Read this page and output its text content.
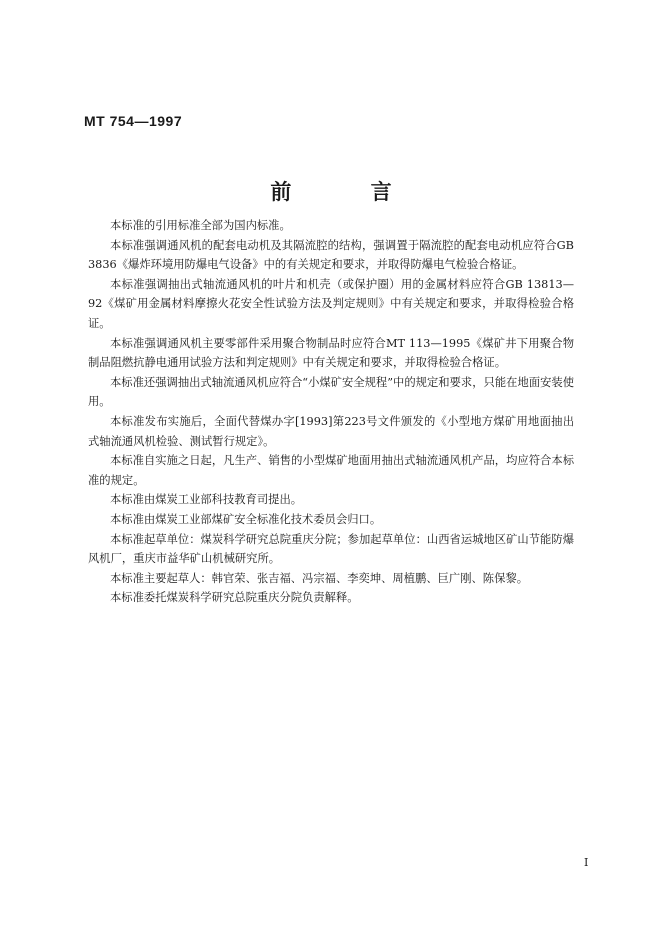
MT 754—1997
前 言

本标准的引用标准全部为国内标准。

本标准强调通风机的配套电动机及其隔流腔的结构，强调置于隔流腔的配套电动机应符合GB 3836《爆炸环境用防爆电气设备》中的有关规定和要求，并取得防爆电气检验合格证。

本标准强调抽出式轴流通风机的叶片和机壳（或保护圈）用的金属材料应符合GB 13813—92《煤矿用金属材料摩擦火花安全性试验方法及判定规则》中有关规定和要求，并取得检验合格证。

本标准强调通风机主要零部件采用聚合物制品时应符合MT 113—1995《煤矿井下用聚合物制品阻燃抗静电通用试验方法和判定规则》中有关规定和要求，并取得检验合格证。

本标准还强调抽出式轴流通风机应符合“小煤矿安全规程”中的规定和要求，只能在地面安装使用。

本标准发布实施后，全面代替煤办字[1993]第223号文件颁发的《小型地方煤矿用地面抽出式轴流通风机检验、测试暂行规定》。

本标准自实施之日起，凡生产、销售的小型煤矿地面用抽出式轴流通风机产品，均应符合本标准的规定。

本标准由煤炭工业部科技教育司提出。

本标准由煤炭工业部煤矿安全标准化技术委员会归口。

本标准起草单位：煤炭科学研究总院重庆分院；参加起草单位：山西省运城地区矿山节能防爆风机厂，重庆市益华矿山机械研究所。

本标准主要起草人：韩官荣、张吉福、冯宗福、李奕坤、周植鹏、巨广刚、陈保黎。

本标准委托煤炭科学研究总院重庆分院负责解释。

I
